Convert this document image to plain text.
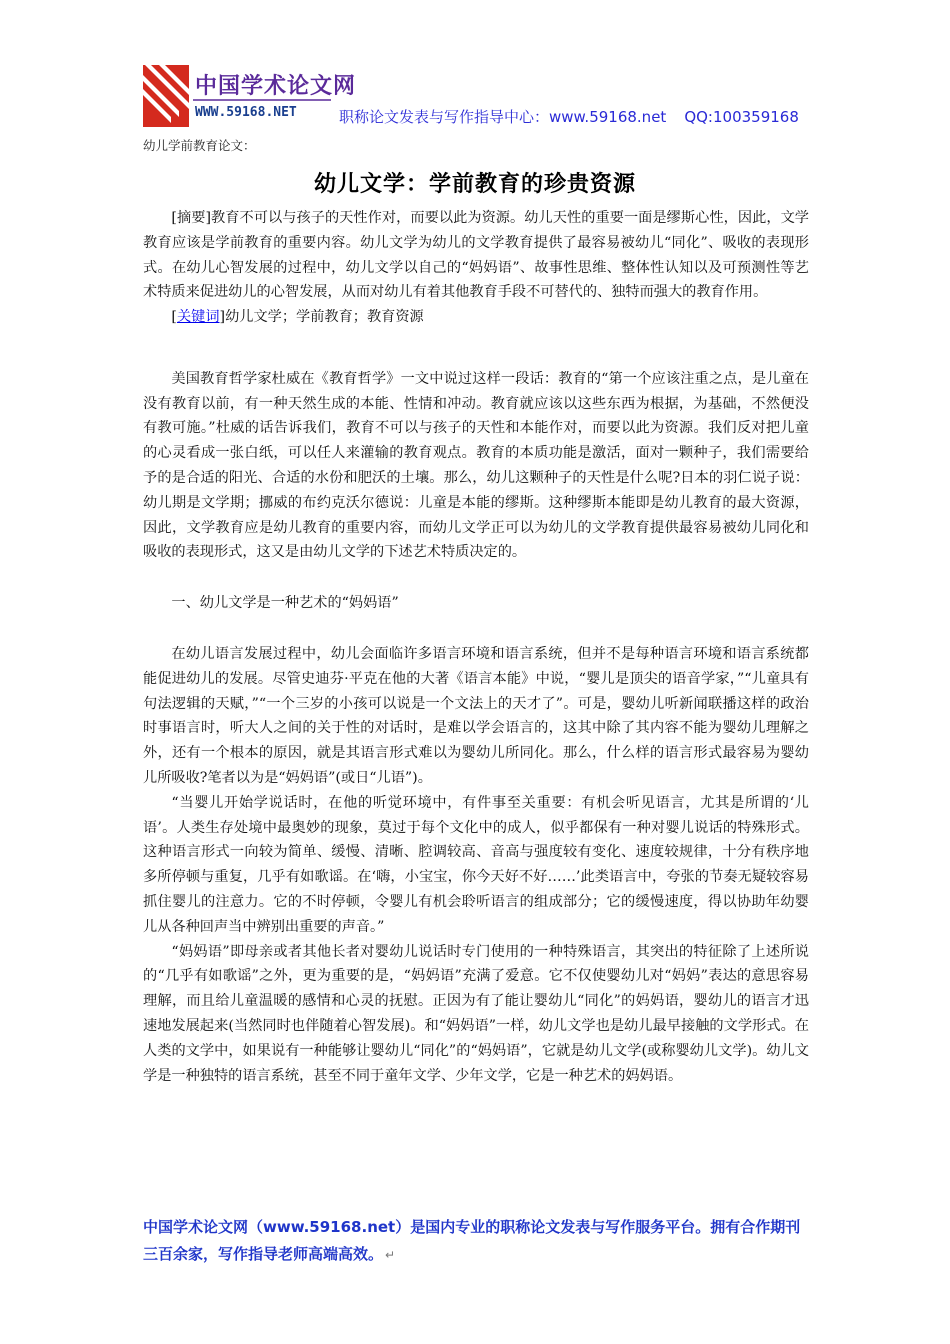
中国学术论文网
WWW.59168.NET	职称论文发表与写作指导中心：www.59168.net QQ:100359168
幼儿学前教育论文：
幼儿文学：学前教育的珍贵资源

[摘要]教育不可以与孩子的天性作对，而要以此为资源。幼儿天性的重要一面是缪斯心性，因此，文学教育应该是学前教育的重要内容。幼儿文学为幼儿的文学教育提供了最容易被幼儿“同化”、吸收的表现形式。在幼儿心智发展的过程中，幼儿文学以自己的“妈妈语”、故事性思维、整体性认知以及可预测性等艺术特质来促进幼儿的心智发展，从而对幼儿有着其他教育手段不可替代的、独特而强大的教育作用。

[关键词]幼儿文学；学前教育；教育资源

美国教育哲学家杜威在《教育哲学》一文中说过这样一段话：教育的“第一个应该注重之点，是儿童在没有教育以前，有一种天然生成的本能、性情和冲动。教育就应该以这些东西为根据，为基础，不然便没有教可施。”杜威的话告诉我们，教育不可以与孩子的天性和本能作对，而要以此为资源。我们反对把儿童的心灵看成一张白纸，可以任人来灌输的教育观点。教育的本质功能是激活，面对一颗种子，我们需要给予的是合适的阳光、合适的水份和肥沃的土壤。那么，幼儿这颗种子的天性是什么呢?日本的羽仁说子说：幼儿期是文学期；挪威的布约克沃尔德说：儿童是本能的缪斯。这种缪斯本能即是幼儿教育的最大资源，因此，文学教育应是幼儿教育的重要内容，而幼儿文学正可以为幼儿的文学教育提供最容易被幼儿同化和吸收的表现形式，这又是由幼儿文学的下述艺术特质决定的。

一、幼儿文学是一种艺术的“妈妈语”

在幼儿语言发展过程中，幼儿会面临许多语言环境和语言系统，但并不是每种语言环境和语言系统都能促进幼儿的发展。尽管史迪芬·平克在他的大著《语言本能》中说，“婴儿是顶尖的语音学家，”“儿童具有句法逻辑的天赋，”“一个三岁的小孩可以说是一个文法上的天才了”。可是，婴幼儿听新闻联播这样的政治时事语言时，听大人之间的关于性的对话时，是难以学会语言的，这其中除了其内容不能为婴幼儿理解之外，还有一个根本的原因，就是其语言形式难以为婴幼儿所同化。那么，什么样的语言形式最容易为婴幼儿所吸收?笔者以为是“妈妈语”(或日“儿语”)。

“当婴儿开始学说话时，在他的听觉环境中，有件事至关重要：有机会听见语言，尤其是所谓的‘儿语’。人类生存处境中最奥妙的现象，莫过于每个文化中的成人，似乎都保有一种对婴儿说话的特殊形式。这种语言形式一向较为简单、缓慢、清晰、腔调较高、音高与强度较有变化、速度较规律，十分有秩序地多所停顿与重复，几乎有如歌谣。在‘嗨，小宝宝，你今天好不好……’此类语言中，夸张的节奏无疑较容易抓住婴儿的注意力。它的不时停顿，令婴儿有机会聆听语言的组成部分；它的缓慢速度，得以协助年幼婴儿从各种回声当中辨别出重要的声音。”

“妈妈语”即母亲或者其他长者对婴幼儿说话时专门使用的一种特殊语言，其突出的特征除了上述所说的“几乎有如歌谣”之外，更为重要的是，“妈妈语”充满了爱意。它不仅使婴幼儿对“妈妈”表达的意思容易理解，而且给儿童温暖的感情和心灵的抚慰。正因为有了能让婴幼儿“同化”的妈妈语，婴幼儿的语言才迅速地发展起来(当然同时也伴随着心智发展)。和“妈妈语”一样，幼儿文学也是幼儿最早接触的文学形式。在人类的文学中，如果说有一种能够让婴幼儿“同化”的“妈妈语”，它就是幼儿文学(或称婴幼儿文学)。幼儿文学是一种独特的语言系统，甚至不同于童年文学、少年文学，它是一种艺术的妈妈语。

中国学术论文网（www.59168.net）是国内专业的职称论文发表与写作服务平台。拥有合作期刊三百余家，写作指导老师高端高效。 ↵
